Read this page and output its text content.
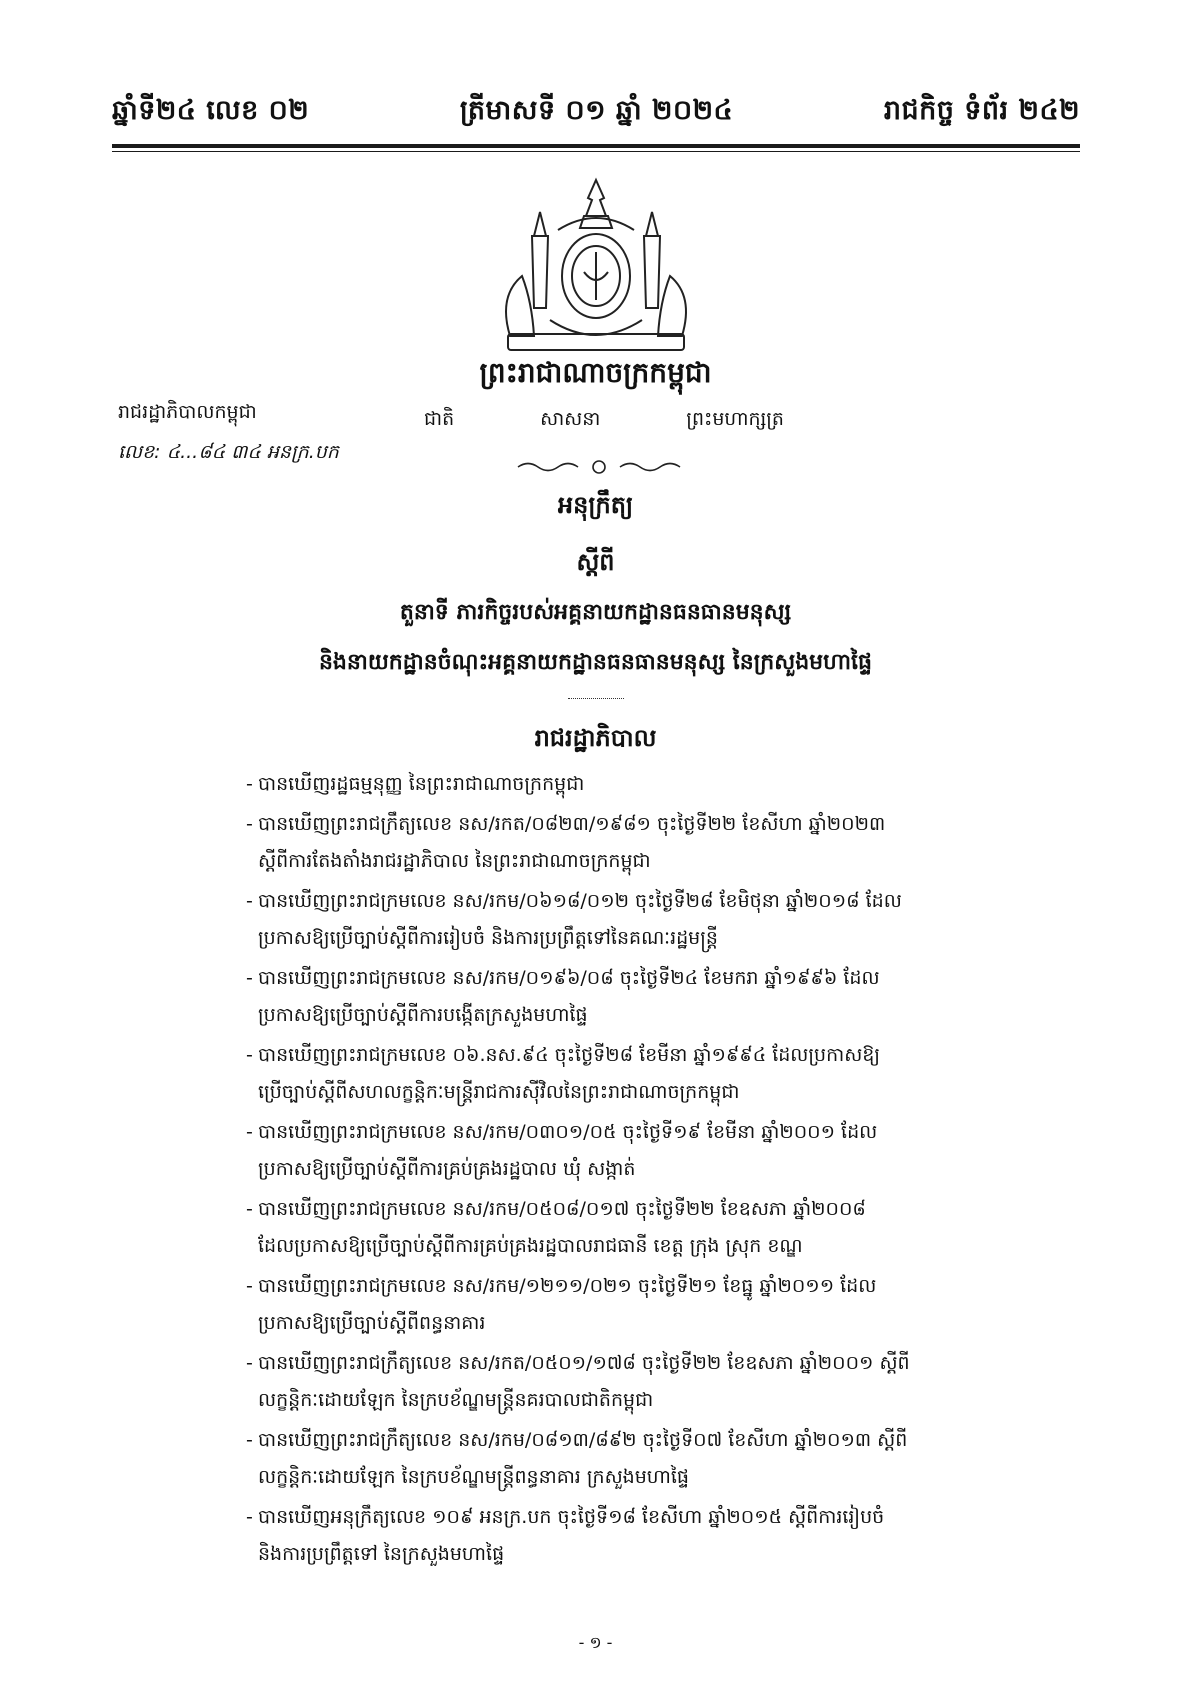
ឆ្នាំទី២៤ លេខ ០២	ត្រីមាសទី ០១ ឆ្នាំ ២០២៤	រាជកិច្ច ទំព័រ ២៤២
ព្រះរាជាណាចក្រកម្ពុជា
រាជរដ្ឋាភិបាលកម្ពុជា
លេខ: ៤...៨៤ ៣៤ អនក្រ.បក
ជាតិ	សាសនា	ព្រះមហាក្សត្រ
អនុក្រឹត្យ
ស្តីពី
តួនាទី ភារកិច្ចរបស់អគ្គនាយកដ្ឋានធនធានមនុស្ស
និងនាយកដ្ឋានចំណុះអគ្គនាយកដ្ឋានធនធានមនុស្ស នៃក្រសួងមហាផ្ទៃ
រាជរដ្ឋាភិបាល
- បានឃើញរដ្ឋធម្មនុញ្ញ នៃព្រះរាជាណាចក្រកម្ពុជា
- បានឃើញព្រះរាជក្រឹត្យលេខ នស/រកត/០៨២៣/១៩៨១ ចុះថ្ងៃទី២២ ខែសីហា ឆ្នាំ២០២៣
ស្តីពីការតែងតាំងរាជរដ្ឋាភិបាល នៃព្រះរាជាណាចក្រកម្ពុជា
- បានឃើញព្រះរាជក្រមលេខ នស/រកម/០៦១៨/០១២ ចុះថ្ងៃទី២៨ ខែមិថុនា ឆ្នាំ២០១៨ ដែល
ប្រកាសឱ្យប្រើច្បាប់ស្តីពីការរៀបចំ និងការប្រព្រឹត្តទៅនៃគណៈរដ្ឋមន្ត្រី
- បានឃើញព្រះរាជក្រមលេខ នស/រកម/០១៩៦/០៨ ចុះថ្ងៃទី២៤ ខែមករា ឆ្នាំ១៩៩៦ ដែល
ប្រកាសឱ្យប្រើច្បាប់ស្តីពីការបង្កើតក្រសួងមហាផ្ទៃ
- បានឃើញព្រះរាជក្រមលេខ ០៦.នស.៩៤ ចុះថ្ងៃទី២៨ ខែមីនា ឆ្នាំ១៩៩៤ ដែលប្រកាសឱ្យ
ប្រើច្បាប់ស្តីពីសហលក្ខន្តិកៈមន្ត្រីរាជការស៊ីវិលនៃព្រះរាជាណាចក្រកម្ពុជា
- បានឃើញព្រះរាជក្រមលេខ នស/រកម/០៣០១/០៥ ចុះថ្ងៃទី១៩ ខែមីនា ឆ្នាំ២០០១ ដែល
ប្រកាសឱ្យប្រើច្បាប់ស្តីពីការគ្រប់គ្រងរដ្ឋបាល ឃុំ សង្កាត់
- បានឃើញព្រះរាជក្រមលេខ នស/រកម/០៥០៨/០១៧ ចុះថ្ងៃទី២២ ខែឧសភា ឆ្នាំ២០០៨
ដែលប្រកាសឱ្យប្រើច្បាប់ស្តីពីការគ្រប់គ្រងរដ្ឋបាលរាជធានី ខេត្ត ក្រុង ស្រុក ខណ្ឌ
- បានឃើញព្រះរាជក្រមលេខ នស/រកម/១២១១/០២១ ចុះថ្ងៃទី២១ ខែធ្នូ ឆ្នាំ២០១១ ដែល
ប្រកាសឱ្យប្រើច្បាប់ស្តីពីពន្ធនាគារ
- បានឃើញព្រះរាជក្រឹត្យលេខ នស/រកត/០៥០១/១៧៨ ចុះថ្ងៃទី២២ ខែឧសភា ឆ្នាំ២០០១ ស្តីពី
លក្ខន្តិកៈដោយឡែក នៃក្របខ័ណ្ឌមន្ត្រីនគរបាលជាតិកម្ពុជា
- បានឃើញព្រះរាជក្រឹត្យលេខ នស/រកម/០៨១៣/៨៩២ ចុះថ្ងៃទី០៧ ខែសីហា ឆ្នាំ២០១៣ ស្តីពី
លក្ខន្តិកៈដោយឡែក នៃក្របខ័ណ្ឌមន្ត្រីពន្ធនាគារ ក្រសួងមហាផ្ទៃ
- បានឃើញអនុក្រឹត្យលេខ ១០៩ អនក្រ.បក ចុះថ្ងៃទី១៨ ខែសីហា ឆ្នាំ២០១៥ ស្តីពីការរៀបចំ
និងការប្រព្រឹត្តទៅ នៃក្រសួងមហាផ្ទៃ
- ១ -
